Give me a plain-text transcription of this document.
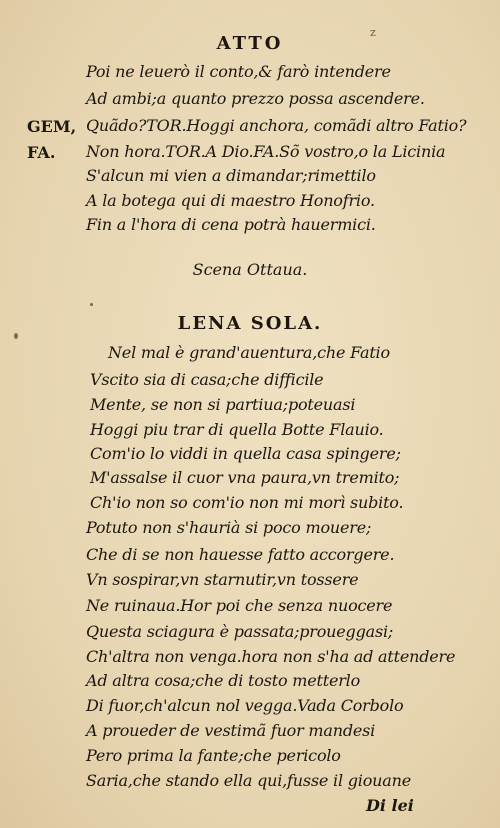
ATTO
z
GEM,
FA.
Poi ne leuerò il conto,& farò intendere
Ad ambi;a quanto prezzo possa ascendere.
Quãdo?TOR.Hoggi anchora, comãdi altro Fatio?
Non hora.TOR.A Dio.FA.Sõ vostro,o la Licinia
S'alcun mi vien a dimandar;rimettilo
A la botega qui di maestro Honofrio.
Fin a l'hora di cena potrà hauermici.
Scena Ottaua.
LENA SOLA.
Nel mal è grand'auentura,che Fatio
Vscito sia di casa;che difficile
Mente, se non si partiua;poteuasi
Hoggi piu trar di quella Botte Flauio.
Com'io lo viddi in quella casa spingere;
M'assalse il cuor vna paura,vn tremito;
Ch'io non so com'io non mi morì subito.
Potuto non s'haurià si poco mouere;
Che di se non hauesse fatto accorgere.
Vn sospirar,vn starnutir,vn tossere
Ne ruinaua.Hor poi che senza nuocere
Questa sciagura è passata;proueggasi;
Ch'altra non venga.hora non s'ha ad attendere
Ad altra cosa;che di tosto metterlo
Di fuor,ch'alcun nol vegga.Vada Corbolo
A proueder de vestimã fuor mandesi
Pero prima la fante;che pericolo
Saria,che stando ella qui,fusse il giouane
Di lei
